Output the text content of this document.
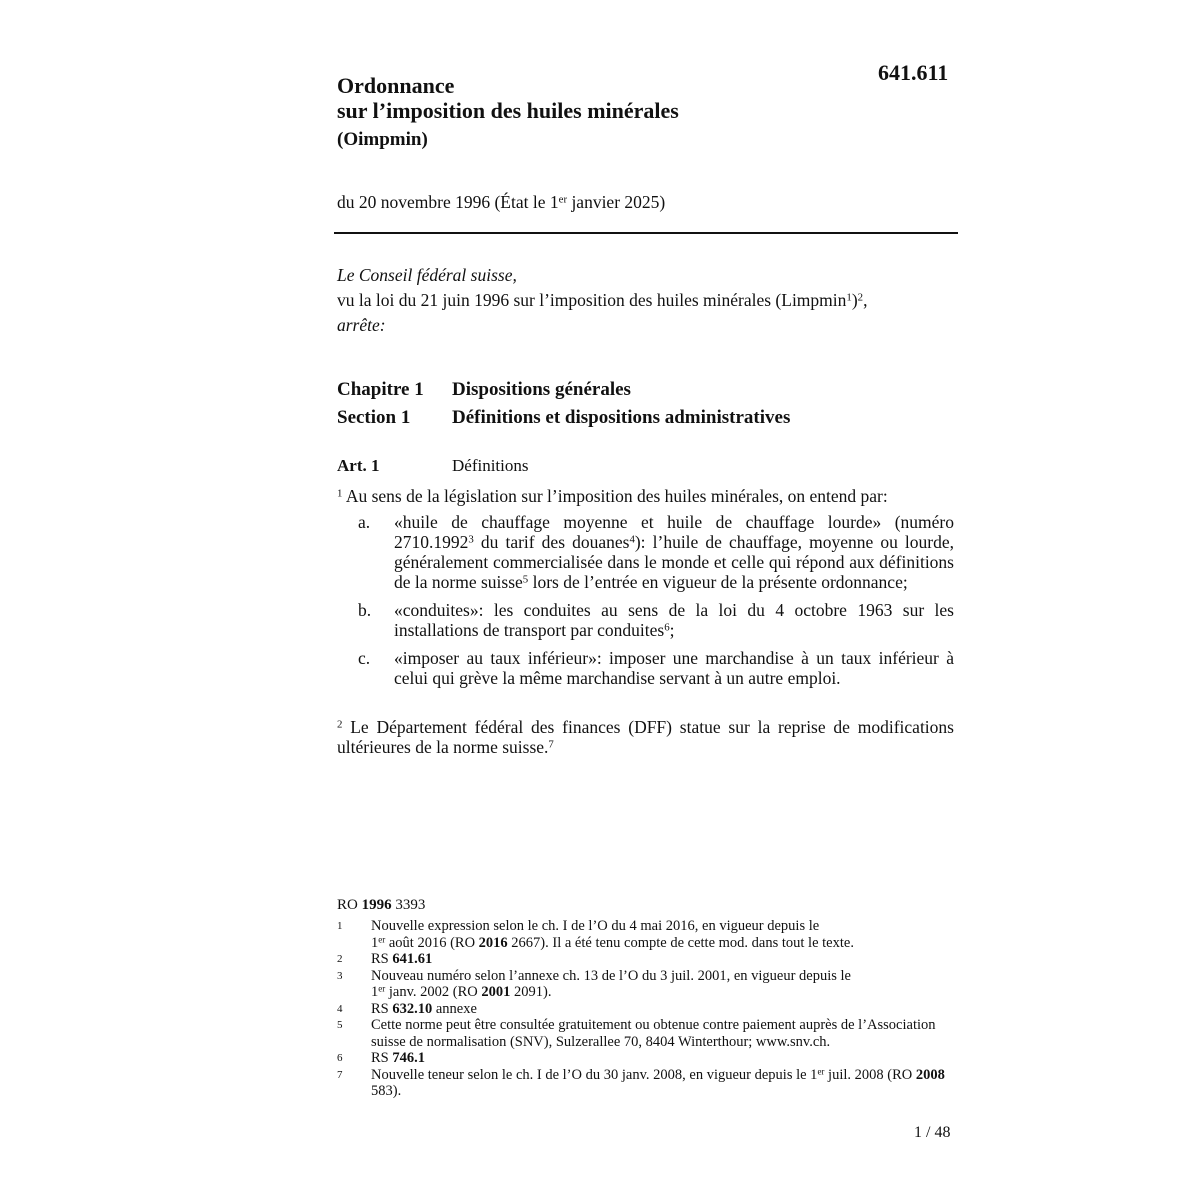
641.611
Ordonnance
sur l’imposition des huiles minérales
(Oimpmin)
du 20 novembre 1996 (État le 1er janvier 2025)
Le Conseil fédéral suisse,
vu la loi du 21 juin 1996 sur l’imposition des huiles minérales (Limpmin$^1$)$^2$,
arrête:
Chapitre 1	Dispositions générales
Section 1	Définitions et dispositions administratives
Art. 1	Définitions
$^1$ Au sens de la législation sur l’imposition des huiles minérales, on entend par:
a.	«huile de chauffage moyenne et huile de chauffage lourde» (numéro 2710.1992$^3$ du tarif des douanes$^4$): l’huile de chauffage, moyenne ou lourde, généralement commercialisée dans le monde et celle qui répond aux définitions de la norme suisse$^5$ lors de l’entrée en vigueur de la présente ordonnance;
b.	«conduites»: les conduites au sens de la loi du 4 octobre 1963 sur les installations de transport par conduites$^6$;
c.	«imposer au taux inférieur»: imposer une marchandise à un taux inférieur à celui qui grève la même marchandise servant à un autre emploi.
$^2$ Le Département fédéral des finances (DFF) statue sur la reprise de modifications ultérieures de la norme suisse.$^7$
RO 1996 3393
1	Nouvelle expression selon le ch. I de l’O du 4 mai 2016, en vigueur depuis le
1er août 2016 (RO 2016 2667). Il a été tenu compte de cette mod. dans tout le texte.
2	RS 641.61
3	Nouveau numéro selon l’annexe ch. 13 de l’O du 3 juil. 2001, en vigueur depuis le
1er janv. 2002 (RO 2001 2091).
4	RS 632.10 annexe
5	Cette norme peut être consultée gratuitement ou obtenue contre paiement auprès de l’Association suisse de normalisation (SNV), Sulzerallee 70, 8404 Winterthour; www.snv.ch.
6	RS 746.1
7	Nouvelle teneur selon le ch. I de l’O du 30 janv. 2008, en vigueur depuis le 1er juil. 2008 (RO 2008 583).
1 / 48
